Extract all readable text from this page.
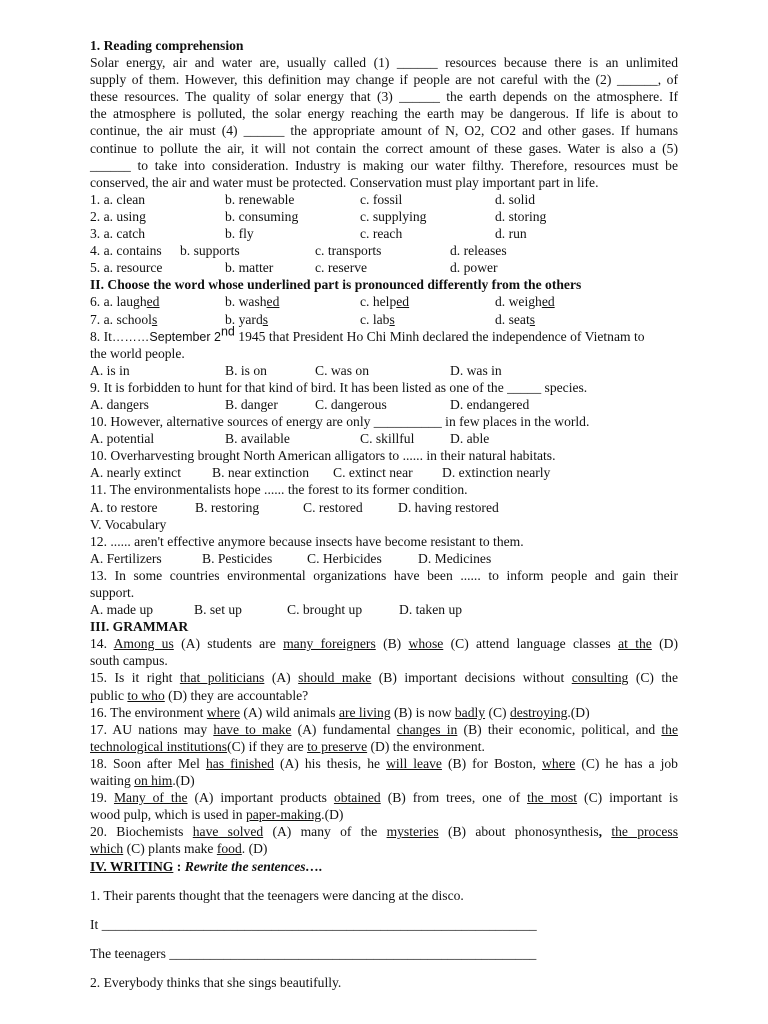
1. Reading comprehension
Solar energy, air and water are, usually called (1) ______ resources because there is an unlimited
supply of them. However, this definition may change if people are not careful with the (2) ______, of
these resources. The quality of solar energy that (3) ______ the earth depends on the atmosphere. If
the atmosphere is polluted, the solar energy reaching the earth may be dangerous. If life is about to
continue, the air must (4) ______ the appropriate amount of N, O2, CO2 and other gases. If humans
continue to pollute the air, it will not contain the correct amount of these gases. Water is also a (5)
______ to take into consideration. Industry is making our water filthy. Therefore, resources must be
conserved, the air and water must be protected. Conservation must play important part in life.
1. a. clean	b. renewable	c. fossil	d. solid
2. a. using	b. consuming	c. supplying	d. storing
3. a. catch	b. fly	c. reach	d. run
4. a. contains b. supports	c. transports	d. releases
5. a. resource	b. matter	c. reserve	d. power
II. Choose the word whose underlined part is pronounced differently from the others
6. a. laughed	b. washed	c. helped	d. weighed
7. a. schools	b. yards	c. labs	d. seats
8. It………September 2nd 1945 that President Ho Chi Minh declared the independence of Vietnam to
the world people.
A. is in	B. is on	C. was on	D. was in
9. It is forbidden to hunt for that kind of bird. It has been listed as one of the _____ species.
A. dangers	B. danger	C. dangerous	D. endangered
10. However, alternative sources of energy are only __________ in few places in the world.
A. potential	B. available	C. skillful	D. able
10. Overharvesting brought North American alligators to ...... in their natural habitats.
A. nearly extinct B. near extinction C. extinct near D. extinction nearly
11. The environmentalists hope ...... the forest to its former condition.
A. to restore	B. restoring	C. restored	D. having restored
V. Vocabulary
12. ...... aren't effective anymore because insects have become resistant to them.
A. Fertilizers	B. Pesticides	C. Herbicides	D. Medicines
13. In some countries environmental organizations have been ...... to inform people and gain their
support.
A. made up	B. set up	C. brought up	D. taken up
III. GRAMMAR
14. Among us (A) students are many foreigners (B) whose (C) attend language classes at the (D)
south campus.
15. Is it right that politicians (A) should make (B) important decisions without consulting (C) the
public to who (D) they are accountable?
16. The environment where (A) wild animals are living (B) is now badly (C) destroying.(D)
17. AU nations may have to make (A) fundamental changes in (B) their economic, political, and the
technological institutions(C) if they are to preserve (D) the environment.
18. Soon after Mel has finished (A) his thesis, he will leave (B) for Boston, where (C) he has a job
waiting on him.(D)
19. Many of the (A) important products obtained (B) from trees, one of the most (C) important is
wood pulp, which is used in paper-making.(D)
20. Biochemists have solved (A) many of the mysteries (B) about phonosynthesis, the process
which (C) plants make food. (D)
IV. WRITING : Rewrite the sentences….
1. Their parents thought that the teenagers were dancing at the disco.
It ________________________________________________________________
The teenagers ______________________________________________________
2. Everybody thinks that she sings beautifully.
